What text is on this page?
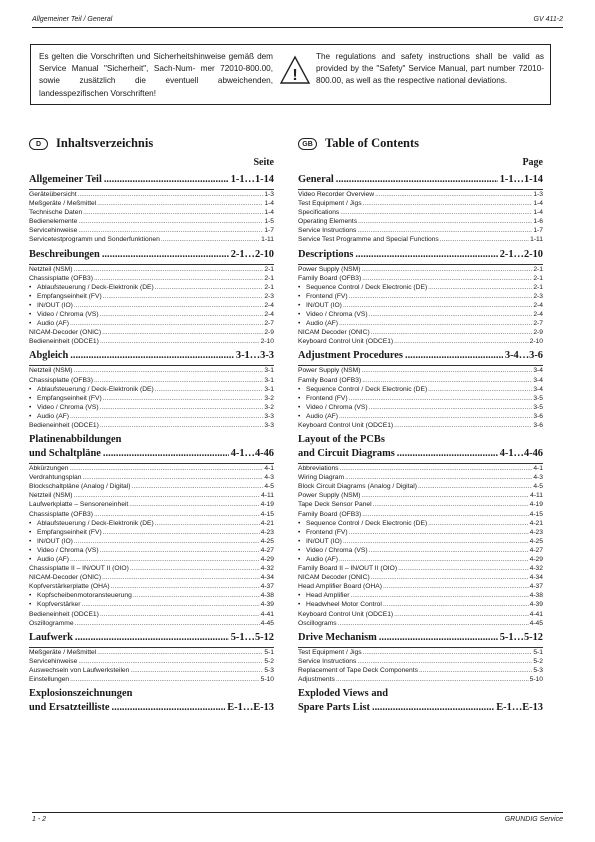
Allgemeiner Teil / General	GV 411-2
Es gelten die Vorschriften und Sicherheitshinweise gemäß dem Service Manual "Sicherheit", Sach-Num- mer 72010-800.00, sowie zusätzlich die eventuell abweichenden, landesspezifischen Vorschriften!
!
The regulations and safety instructions shall be valid as provided by the "Safety" Service Manual, part number 72010-800.00, as well as the respective national deviations.
D	Inhaltsverzeichnis
Seite
Allgemeiner Teil .....	1-1…1-14
Geräteübersicht .....	1-3
Meßgeräte / Meßmittel .....	1-4
Technische Daten .....	1-4
Bedienelemente .....	1-5
Servicehinweise .....	1-7
Servicetestprogramm und Sonderfunktionen .....	1-11
Beschreibungen .....	2-1…2-10
Netzteil (NSM) .....	2-1
Chassisplatte (OFB3) .....	2-1
• Ablaufsteuerung / Deck-Elektronik (DE) .....	2-1
• Empfangseinheit (FV) .....	2-3
• IN/OUT (IO) .....	2-4
• Video / Chroma (VS) .....	2-4
• Audio (AF) .....	2-7
NICAM-Decoder (ONIC) .....	2-9
Bedieneinheit (ODCE1) .....	2-10
Abgleich .....	3-1…3-3
Netzteil (NSM) .....	3-1
Chassisplatte (OFB3) .....	3-1
• Ablaufsteuerung / Deck-Elektronik (DE) .....	3-1
• Empfangseinheit (FV) .....	3-2
• Video / Chroma (VS) .....	3-2
• Audio (AF) .....	3-3
Bedieneinheit (ODCE1) .....	3-3
Platinenabbildungen
und Schaltpläne .....	4-1…4-46
Abkürzungen .....	4-1
Verdrahtungsplan .....	4-3
Blockschaltpläne (Analog / Digital) .....	4-5
Netzteil (NSM) .....	4-11
Laufwerkplatte – Sensoreneinheit .....	4-19
Chassisplatte (OFB3) .....	4-15
• Ablaufsteuerung / Deck-Elektronik (DE) .....	4-21
• Empfangseinheit (FV) .....	4-23
• IN/OUT (IO) .....	4-25
• Video / Chroma (VS) .....	4-27
• Audio (AF) .....	4-29
Chassisplatte II – IN/OUT II (OIO) .....	4-32
NICAM-Decoder (ONIC) .....	4-34
Kopfverstärkerplatte (OHA) .....	4-37
• Kopfscheibenmotoransteuerung .....	4-38
• Kopfverstärker .....	4-39
Bedieneinheit (ODCE1) .....	4-41
Oszillogramme .....	4-45
Laufwerk .....	5-1…5-12
Meßgeräte / Meßmittel .....	5-1
Servicehinweise .....	5-2
Auswechseln von Laufwerksteilen .....	5-3
Einstellungen .....	5-10
Explosionszeichnungen
und Ersatzteilliste .....	E-1…E-13
GB Table of Contents
Page
General .....	1-1…1-14
Video Recorder Overview .....	1-3
Test Equipment / Jigs .....	1-4
Specifications .....	1-4
Operating Elements .....	1-6
Service Instructions .....	1-7
Service Test Programme and Special Functions .....	1-11
Descriptions .....	2-1…2-10
Power Supply (NSM) .....	2-1
Family Board (OFB3) .....	2-1
• Sequence Control / Deck Electronic (DE) .....	2-1
• Frontend (FV) .....	2-3
• IN/OUT (IO) .....	2-4
• Video / Chroma (VS) .....	2-4
• Audio (AF) .....	2-7
NICAM Decoder (ONIC) .....	2-9
Keyboard Control Unit (ODCE1) .....	2-10
Adjustment Procedures .....	3-4…3-6
Power Supply (NSM) .....	3-4
Family Board (OFB3) .....	3-4
• Sequence Control / Deck Electronic (DE) .....	3-4
• Frontend (FV) .....	3-5
• Video / Chroma (VS) .....	3-5
• Audio (AF) .....	3-6
Keyboard Control Unit (ODCE1) .....	3-6
Layout of the PCBs
and Circuit Diagrams .....	4-1…4-46
Abbreviations .....	4-1
Wiring Diagram .....	4-3
Block Circuit Diagrams (Analog / Digital) .....	4-5
Power Supply (NSM) .....	4-11
Tape Deck Sensor Panel .....	4-19
Family Board (OFB3) .....	4-15
• Sequence Control / Deck Electronic (DE) .....	4-21
• Frontend (FV) .....	4-23
• IN/OUT (IO) .....	4-25
• Video / Chroma (VS) .....	4-27
• Audio (AF) .....	4-29
Family Board II – IN/OUT II (OIO) .....	4-32
NICAM Decoder (ONIC) .....	4-34
Head Amplifier Board (OHA) .....	4-37
• Head Amplifier .....	4-38
• Headwheel Motor Control .....	4-39
Keyboard Control Unit (ODCE1) .....	4-41
Oscillograms .....	4-45
Drive Mechanism .....	5-1…5-12
Test Equipment / Jigs .....	5-1
Service Instructions .....	5-2
Replacement of Tape Deck Components .....	5-3
Adjustments .....	5-10
Exploded Views and
Spare Parts List .....	E-1…E-13
1 - 2	GRUNDIG Service
